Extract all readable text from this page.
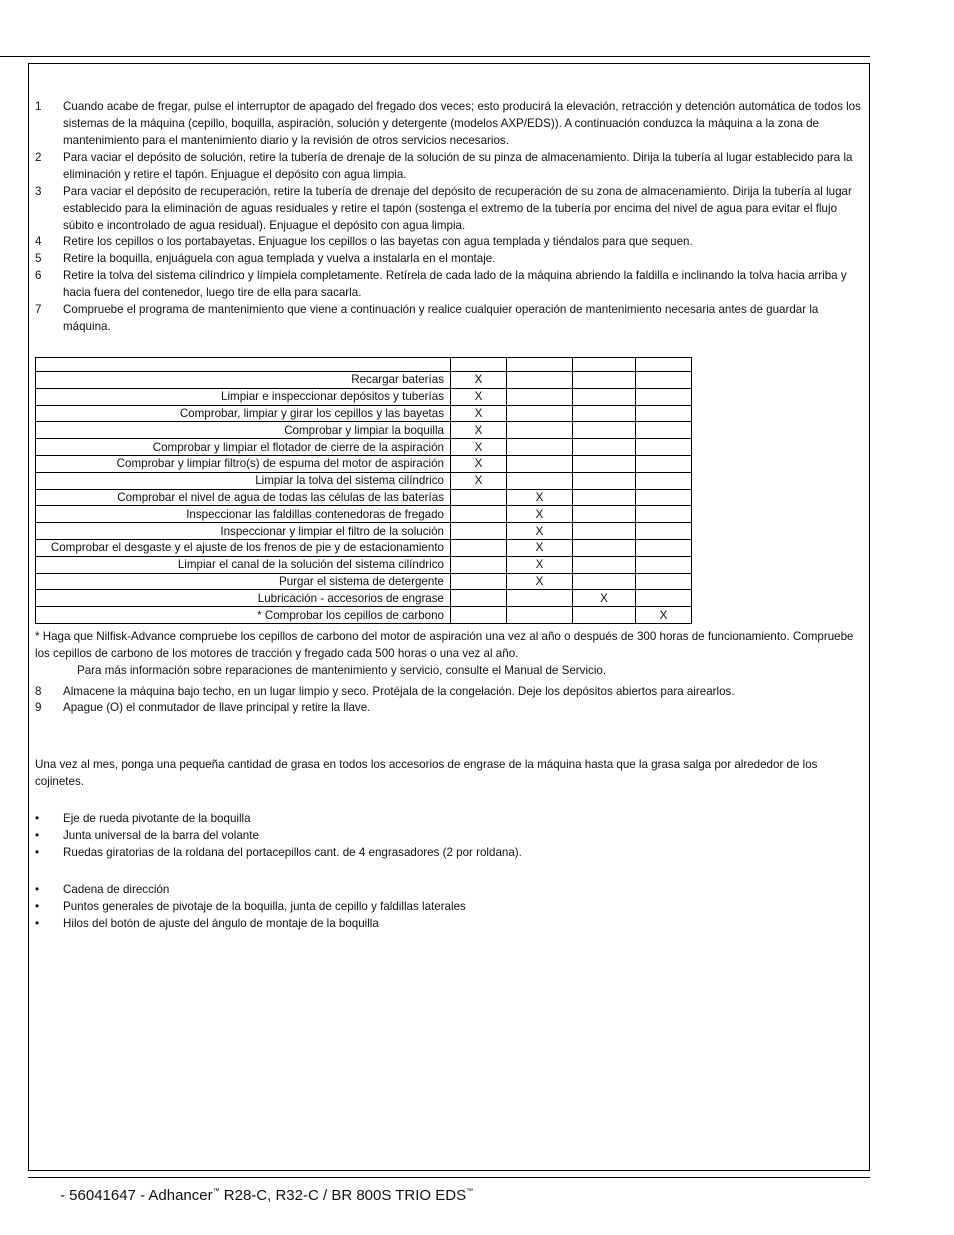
1	Cuando acabe de fregar, pulse el interruptor de apagado del fregado dos veces; esto producirá la elevación, retracción y detención automática de todos los sistemas de la máquina (cepillo, boquilla, aspiración, solución y detergente (modelos AXP/EDS)). A continuación conduzca la máquina a la zona de mantenimiento para el mantenimiento diario y la revisión de otros servicios necesarios.
2	Para vaciar el depósito de solución, retire la tubería de drenaje de la solución de su pinza de almacenamiento. Dirija la tubería al lugar establecido para la eliminación y retire el tapón. Enjuague el depósito con agua limpia.
3	Para vaciar el depósito de recuperación, retire la tubería de drenaje del depósito de recuperación de su zona de almacenamiento. Dirija la tubería al lugar establecido para la eliminación de aguas residuales y retire el tapón (sostenga el extremo de la tubería por encima del nivel de agua para evitar el flujo súbito e incontrolado de agua residual). Enjuague el depósito con agua limpia.
4	Retire los cepillos o los portabayetas. Enjuague los cepillos o las bayetas con agua templada y tiéndalos para que sequen.
5	Retire la boquilla, enjuáguela con agua templada y vuelva a instalarla en el montaje.
6	Retire la tolva del sistema cilíndrico y límpiela completamente. Retírela de cada lado de la máquina abriendo la faldilla e inclinando la tolva hacia arriba y hacia fuera del contenedor, luego tire de ella para sacarla.
7	Compruebe el programa de mantenimiento que viene a continuación y realice cualquier operación de mantenimiento necesaria antes de guardar la máquina.

Recargar baterías	X			
Limpiar e inspeccionar depósitos y tuberías	X			
Comprobar, limpiar y girar los cepillos y las bayetas	X			
Comprobar y limpiar la boquilla	X			
Comprobar y limpiar el flotador de cierre de la aspiración	X			
Comprobar y limpiar filtro(s) de espuma del motor de aspiración	X			
Limpiar la tolva del sistema cilíndrico	X			
Comprobar el nivel de agua de todas las células de las baterías		X		
Inspeccionar las faldillas contenedoras de fregado		X		
Inspeccionar y limpiar el filtro de la solución		X		
Comprobar el desgaste y el ajuste de los frenos de pie y de estacionamiento		X		
Limpiar el canal de la solución del sistema cilíndrico		X		
Purgar el sistema de detergente		X		
Lubricación - accesorios de engrase			X	
* Comprobar los cepillos de carbono				X
* Haga que Nilfisk-Advance compruebe los cepillos de carbono del motor de aspiración una vez al año o después de 300 horas de funcionamiento. Compruebe los cepillos de carbono de los motores de tracción y fregado cada 500 horas o una vez al año.
Para más información sobre reparaciones de mantenimiento y servicio, consulte el Manual de Servicio.
8	Almacene la máquina bajo techo, en un lugar limpio y seco. Protéjala de la congelación. Deje los depósitos abiertos para airearlos.
9	Apague (O) el conmutador de llave principal y retire la llave.
Una vez al mes, ponga una pequeña cantidad de grasa en todos los accesorios de engrase de la máquina hasta que la grasa salga por alrededor de los cojinetes.
•	Eje de rueda pivotante de la boquilla
•	Junta universal de la barra del volante
•	Ruedas giratorias de la roldana del portacepillos cant. de 4 engrasadores (2 por roldana).
•	Cadena de dirección
•	Puntos generales de pivotaje de la boquilla, junta de cepillo y faldillas laterales
•	Hilos del botón de ajuste del ángulo de montaje de la boquilla
- 56041647 - Adhancer™ R28-C, R32-C / BR 800S TRIO EDS™
